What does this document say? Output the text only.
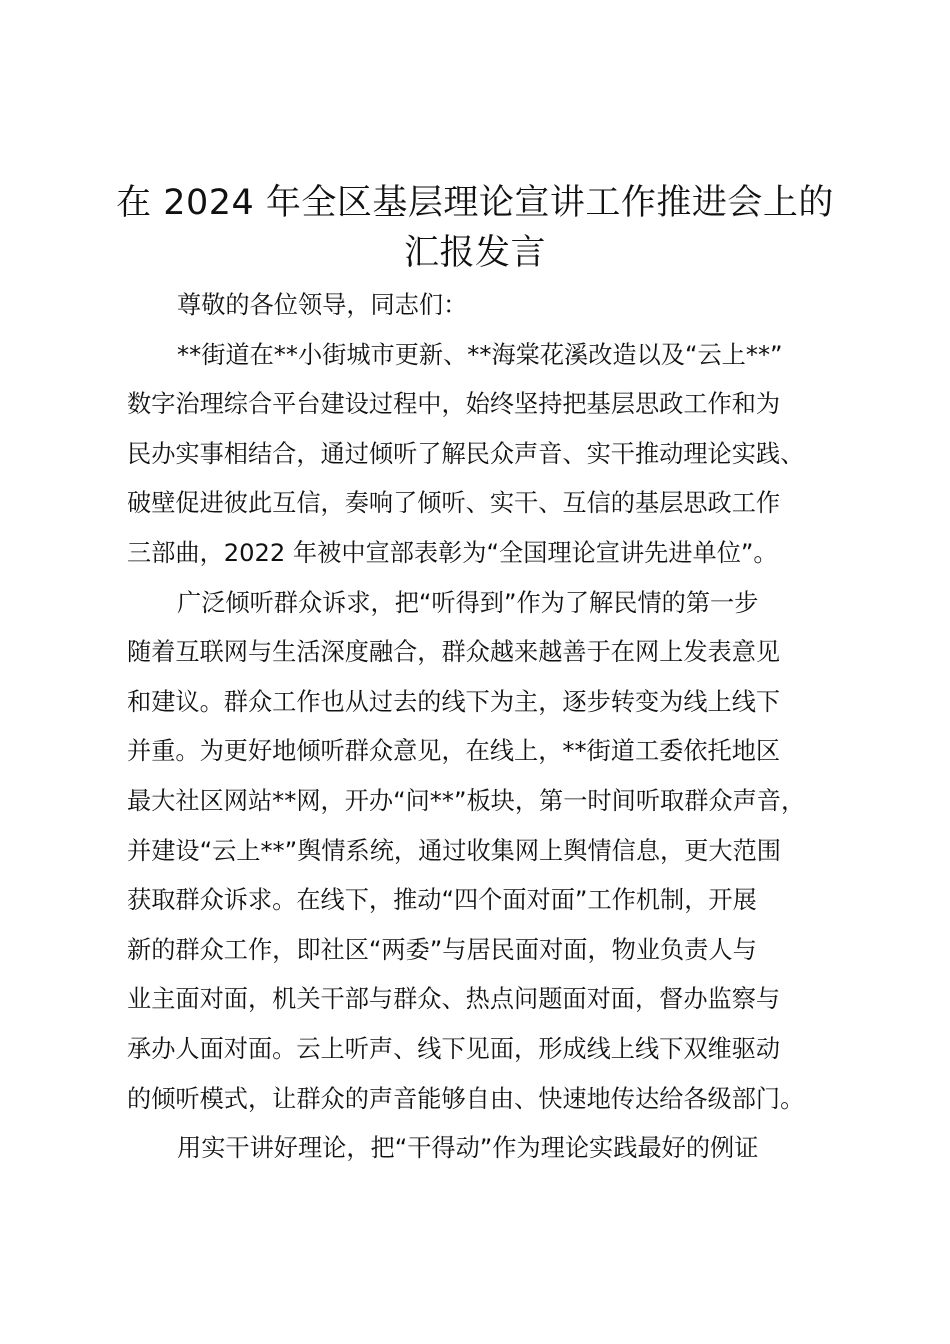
在 2024 年全区基层理论宣讲工作推进会上的
汇报发言
尊敬的各位领导，同志们：
**街道在**小街城市更新、**海棠花溪改造以及“云上**”
数字治理综合平台建设过程中，始终坚持把基层思政工作和为
民办实事相结合，通过倾听了解民众声音、实干推动理论实践、
破壁促进彼此互信，奏响了倾听、实干、互信的基层思政工作
三部曲，2022 年被中宣部表彰为“全国理论宣讲先进单位”。
广泛倾听群众诉求，把“听得到”作为了解民情的第一步
随着互联网与生活深度融合，群众越来越善于在网上发表意见
和建议。群众工作也从过去的线下为主，逐步转变为线上线下
并重。为更好地倾听群众意见，在线上，**街道工委依托地区
最大社区网站**网，开办“问**”板块，第一时间听取群众声音，
并建设“云上**”舆情系统，通过收集网上舆情信息，更大范围
获取群众诉求。在线下，推动“四个面对面”工作机制，开展
新的群众工作，即社区“两委”与居民面对面，物业负责人与
业主面对面，机关干部与群众、热点问题面对面，督办监察与
承办人面对面。云上听声、线下见面，形成线上线下双维驱动
的倾听模式，让群众的声音能够自由、快速地传达给各级部门。
用实干讲好理论，把“干得动”作为理论实践最好的例证
